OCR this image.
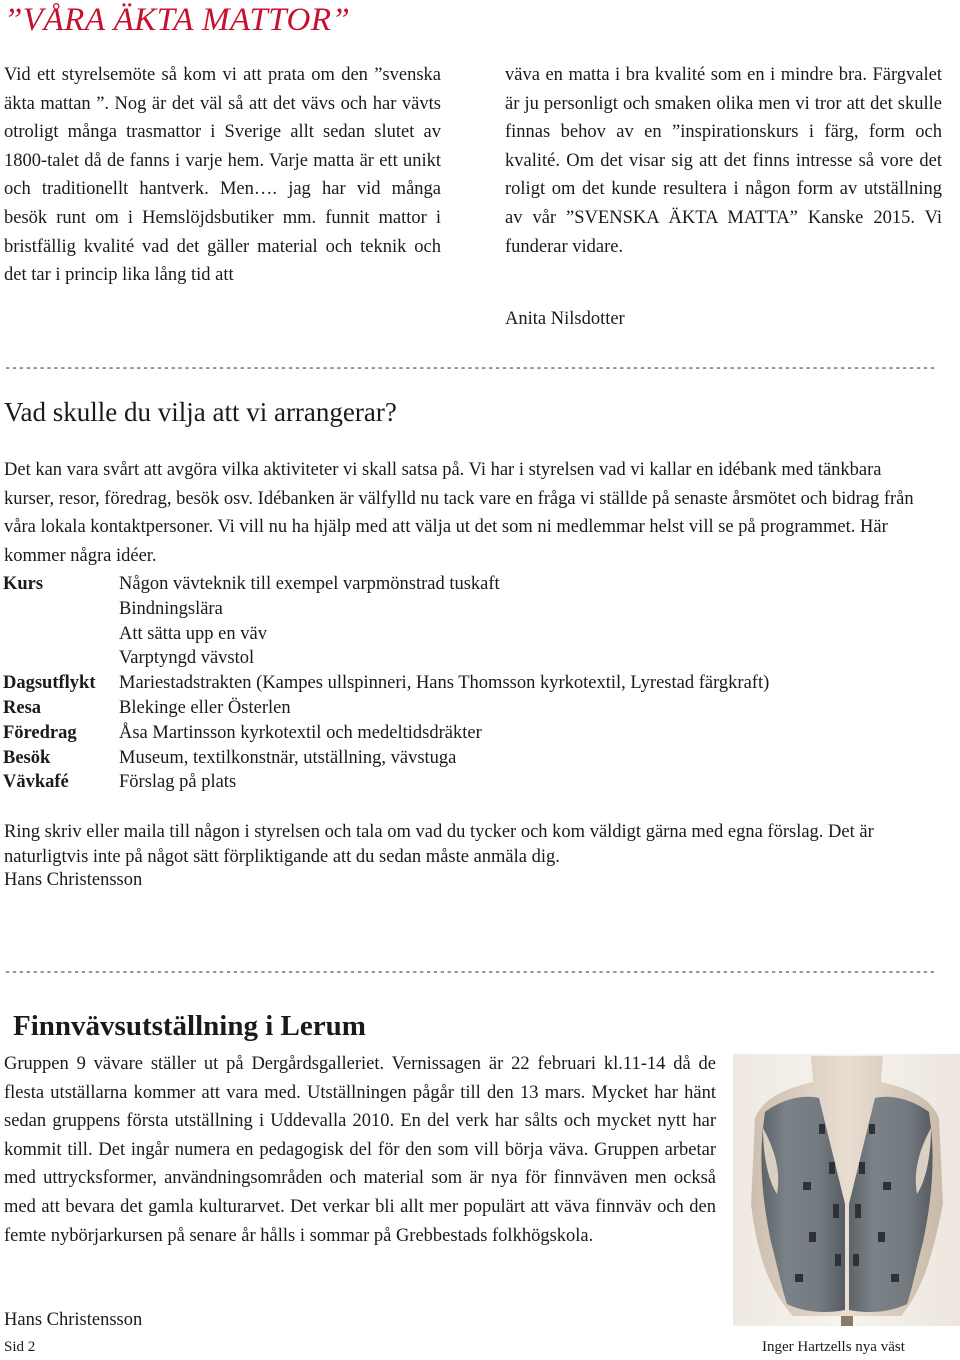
”VÅRA ÄKTA MATTOR”
Vid ett styrelsemöte så kom vi att prata om den ”svenska äkta mattan ”. Nog är det väl så att det vävs och har vävts otroligt många trasmattor i Sverige allt sedan slutet av 1800-talet då de fanns i varje hem. Varje matta är ett unikt och traditionellt hantverk. Men…. jag har vid många besök runt om i Hemslöjdsbutiker mm. funnit mattor i bristfällig kvalité vad det gäller material och teknik och det tar i princip lika lång tid att
väva en matta i bra kvalité som en i mindre bra. Färgvalet är ju personligt och smaken olika men vi tror att det skulle finnas behov av en ”inspirationskurs i färg, form och kvalité. Om det visar sig att det finns intresse så vore det roligt om det kunde resultera i någon form av utställning av vår ”SVENSKA ÄKTA MATTA” Kanske 2015. Vi funderar vidare.
Anita Nilsdotter
---------------------------------------------------------------------------------------------------------------------------------------
Vad skulle du vilja att vi arrangerar?
Det kan vara svårt att avgöra vilka aktiviteter vi skall satsa på. Vi har i styrelsen vad vi kallar en idébank med tänkbara kurser, resor, föredrag, besök osv. Idébanken är välfylld nu tack vare en fråga vi ställde på senaste årsmötet och bidrag från våra lokala kontaktpersoner. Vi vill nu ha hjälp med att välja ut det som ni medlemmar helst vill se på programmet. Här kommer några idéer.
Kurs	Någon vävteknik till exempel varpmönstrad tuskaft
	Bindningslära
	Att sätta upp en väv
	Varptyngd vävstol
Dagsutflykt	Mariestadstrakten (Kampes ullspinneri, Hans Thomsson kyrkotextil, Lyrestad färgkraft)
Resa	Blekinge eller Österlen
Föredrag	Åsa Martinsson kyrkotextil och medeltidsdräkter
Besök	Museum, textilkonstnär, utställning, vävstuga
Vävkafé	Förslag på plats
Ring skriv eller maila till någon i styrelsen och tala om vad du tycker och kom väldigt gärna med egna förslag. Det är naturligtvis inte på något sätt förpliktigande att du sedan måste anmäla dig.
Hans Christensson
---------------------------------------------------------------------------------------------------------------------------------------
Finnvävsutställning i Lerum
Gruppen 9 vävare ställer ut på Dergårdsgalleriet. Vernissagen är 22 februari kl.11-14 då de flesta utställarna kommer att vara med. Utställningen pågår till den 13 mars. Mycket har hänt sedan gruppens första utställning i Uddevalla 2010. En del verk har sålts och mycket nytt har kommit till. Det ingår numera en pedagogisk del för den som vill börja väva. Gruppen arbetar med uttrycksformer, användningsområden och material som är nya för finnväven men också med att bevara det gamla kulturarvet. Det verkar bli allt mer populärt att väva finnväv och den femte nybörjarkursen på senare år hålls i sommar på Grebbestads folkhögskola.
Hans Christensson
Sid 2	Inger Hartzells nya väst
